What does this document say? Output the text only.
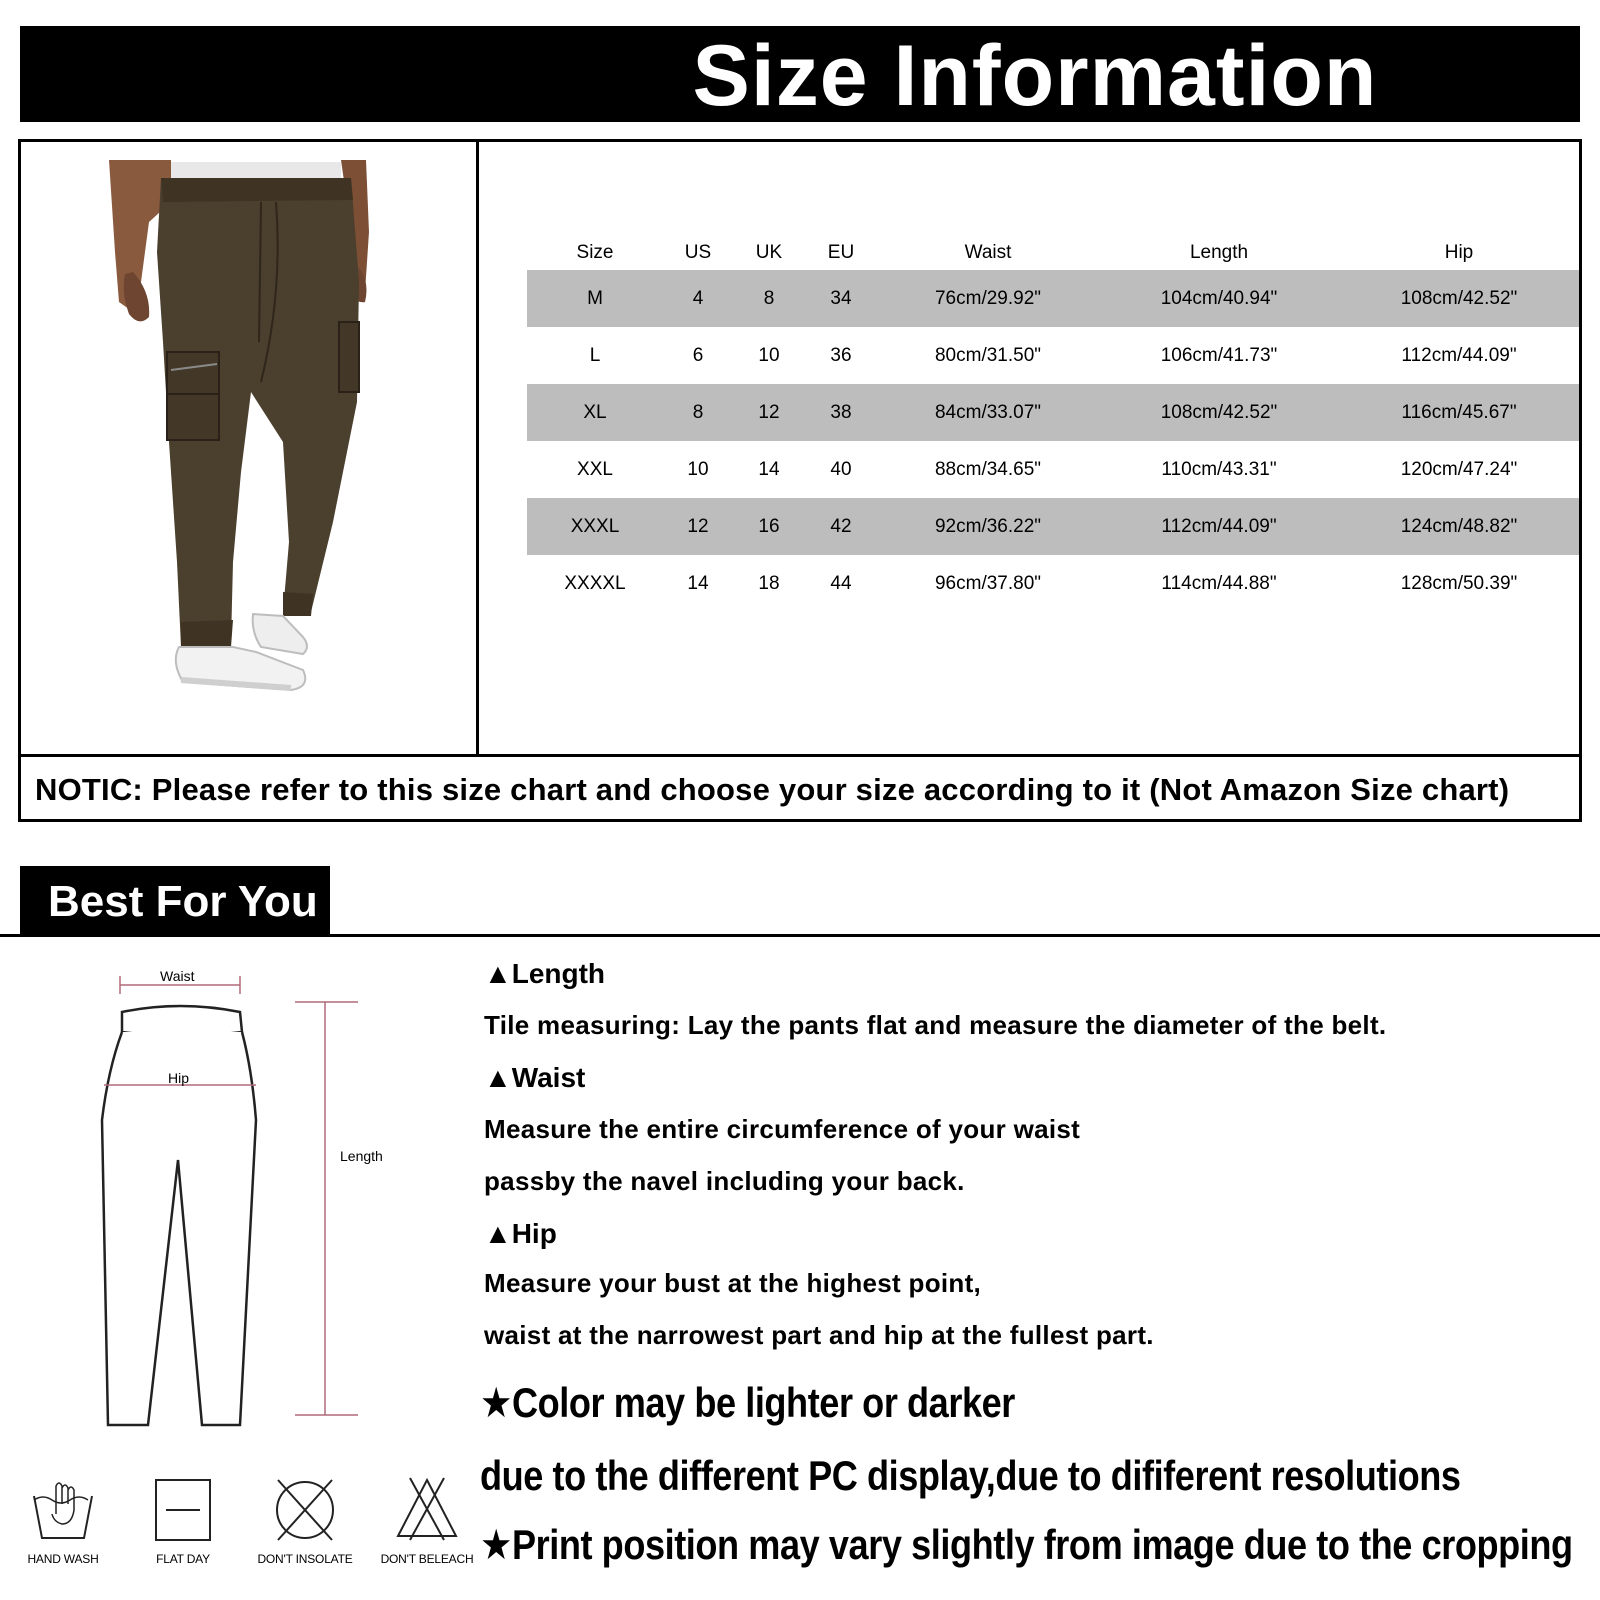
Size Information
Size	US	UK	EU	Waist	Length	Hip
M	4	8	34	76cm/29.92"	104cm/40.94"	108cm/42.52"
L	6	10	36	80cm/31.50"	106cm/41.73"	112cm/44.09"
XL	8	12	38	84cm/33.07"	108cm/42.52"	116cm/45.67"
XXL	10	14	40	88cm/34.65"	110cm/43.31"	120cm/47.24"
XXXL	12	16	42	92cm/36.22"	112cm/44.09"	124cm/48.82"
XXXXL	14	18	44	96cm/37.80"	114cm/44.88"	128cm/50.39"
NOTIC: Please refer to this size chart and choose your size according to it (Not Amazon Size chart)
Best For You
Waist
Hip
Length
▲Length
Tile measuring: Lay the pants flat and measure the diameter of the belt.
▲Waist
Measure the entire circumference of your waist
passby the navel including your back.
▲Hip
Measure your bust at the highest point,
waist at the narrowest part and hip at the fullest part.
★Color may be lighter or darker
due to the different PC display,due to dififerent resolutions
★Print position may vary slightly from image due to the cropping
HAND WASH	FLAT DAY	DON'T INSOLATE	DON'T BELEACH
